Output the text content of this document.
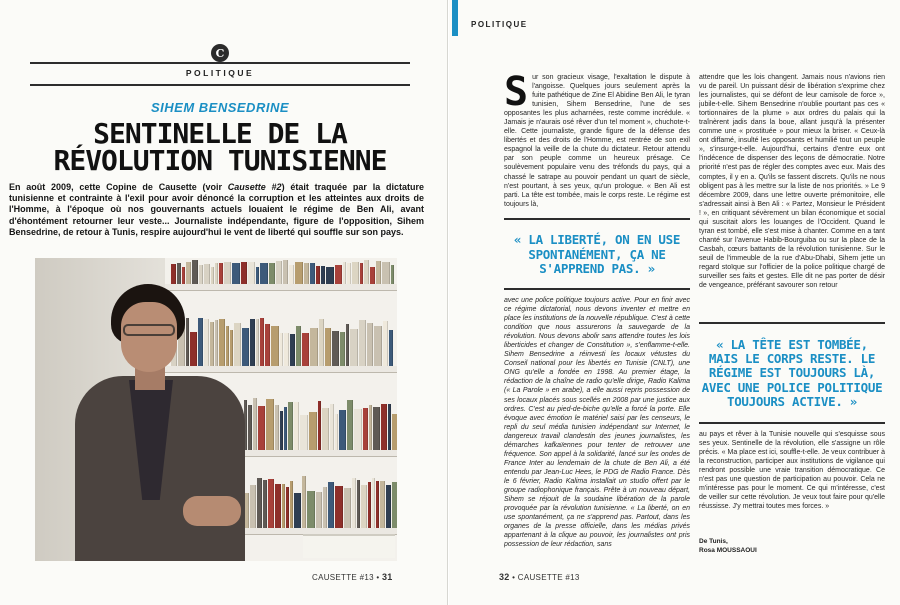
C
POLITIQUE
SIHEM BENSEDRINE
SENTINELLE DE LA
RÉVOLUTION TUNISIENNE
En août 2009, cette Copine de Causette (voir Causette #2) était traquée par la dictature tunisienne et contrainte à l'exil pour avoir dénoncé la corruption et les atteintes aux droits de l'Homme, à l'époque où nos gouvernants actuels louaient le régime de Ben Ali, avant d'éhontément retourner leur veste... Journaliste indépendante, figure de l'opposition, Sihem Bensedrine, de retour à Tunis, respire aujourd'hui le vent de liberté qui souffle sur son pays.
CAUSETTE #13 • 31
POLITIQUE
Sur son gracieux visage, l'exaltation le dispute à l'angoisse. Quelques jours seulement après la fuite pathétique de Zine El Abidine Ben Ali, le tyran tunisien, Sihem Bensedrine, l'une de ses opposantes les plus acharnées, reste comme incrédule. « Jamais je n'aurais osé rêver d'un tel moment », chuchote-t-elle. Cette journaliste, grande figure de la défense des libertés et des droits de l'Homme, est rentrée de son exil espagnol la veille de la chute du dictateur. Retour attendu par son peuple comme un heureux présage. Ce soulèvement populaire venu des tréfonds du pays, qui a chassé le satrape au pouvoir pendant un quart de siècle, n'est pourtant, à ses yeux, qu'un prologue. « Ben Ali est parti. La tête est tombée, mais le corps reste. Le régime est toujours là,
« LA LIBERTÉ, ON EN USE SPONTANÉMENT, ÇA NE S'APPREND PAS. »
avec une police politique toujours active. Pour en finir avec ce régime dictatorial, nous devons inventer et mettre en place les institutions de la nouvelle république. C'est à cette condition que nous assurerons la sauvegarde de la révolution. Nous devons abolir sans attendre toutes les lois liberticides et changer de Constitution », s'enflamme-t-elle. Sihem Bensedrine a réinvesti les locaux vétustes du Conseil national pour les libertés en Tunisie (CNLT), une ONG qu'elle a fondée en 1998. Au premier étage, la rédaction de la chaîne de radio qu'elle dirige, Radio Kalima (« La Parole » en arabe), a elle aussi repris possession de ses locaux placés sous scellés en 2008 par une justice aux ordres. C'est au pied-de-biche qu'elle a forcé la porte. Elle évoque avec émotion le matériel saisi par les censeurs, le repli du seul média tunisien indépendant sur Internet, le dangereux travail clandestin des jeunes journalistes, les démarches kafkaïennes pour tenter de retrouver une fréquence. Son appel à la solidarité, lancé sur les ondes de France Inter au lendemain de la chute de Ben Ali, a été entendu par Jean-Luc Hees, le PDG de Radio France. Dès le 6 février, Radio Kalima installait un studio offert par le groupe radiophonique français. Prête à un nouveau départ, Sihem se réjouit de la soudaine libération de la parole provoquée par la révolution tunisienne. « La liberté, on en use spontanément, ça ne s'apprend pas. Partout, dans les organes de la presse officielle, dans les médias privés appartenant à la clique au pouvoir, les journalistes ont pris possession de leur rédaction, sans
attendre que les lois changent. Jamais nous n'avions rien vu de pareil. Un puissant désir de libération s'exprime chez les journalistes, qui se défont de leur camisole de force », jubile-t-elle. Sihem Bensedrine n'oublie pourtant pas ces « tortionnaires de la plume » aux ordres du palais qui la traînèrent jadis dans la boue, allant jusqu'à la présenter comme une « prostituée » pour mieux la briser. « Ceux-là ont diffamé, insulté les opposants et humilié tout un peuple », s'insurge-t-elle. Aujourd'hui, certains d'entre eux ont l'indécence de dispenser des leçons de démocratie. Notre priorité n'est pas de régler des comptes avec eux. Mais des comptes, il y en a. Qu'ils se fassent discrets. Qu'ils ne nous obligent pas à les mettre sur la liste de nos priorités. » Le 9 décembre 2009, dans une lettre ouverte prémonitoire, elle s'adressait ainsi à Ben Ali : « Partez, Monsieur le Président ! », en critiquant sévèrement un bilan économique et social qui suscitait alors les louanges de l'Occident. Quand le tyran est tombé, elle s'est mise à chanter. Comme en a tant chanté sur l'avenue Habib-Bourguiba ou sur la place de la Casbah, cœurs battants de la révolution tunisienne. Sur le seuil de l'immeuble de la rue d'Abu-Dhabi, Sihem jette un regard stoïque sur l'officier de la police politique chargé de surveiller ses faits et gestes. Elle dit ne pas porter de désir de vengeance, préférant savourer son retour
« LA TÊTE EST TOMBÉE, MAIS LE CORPS RESTE. LE RÉGIME EST TOUJOURS LÀ, AVEC UNE POLICE POLITIQUE TOUJOURS ACTIVE. »
au pays et rêver à la Tunisie nouvelle qui s'esquisse sous ses yeux. Sentinelle de la révolution, elle s'assigne un rôle précis. « Ma place est ici, souffle-t-elle. Je veux contribuer à la reconstruction, participer aux institutions de vigilance qui rendront possible une vraie transition démocratique. Ce n'est pas une question de participation au pouvoir. Cela ne m'intéresse pas pour le moment. Ce qui m'intéresse, c'est de veiller sur cette révolution. Je veux tout faire pour qu'elle réussisse. J'y mettrai toutes mes forces. »
De Tunis,
Rosa MOUSSAOUI
32 • CAUSETTE #13
